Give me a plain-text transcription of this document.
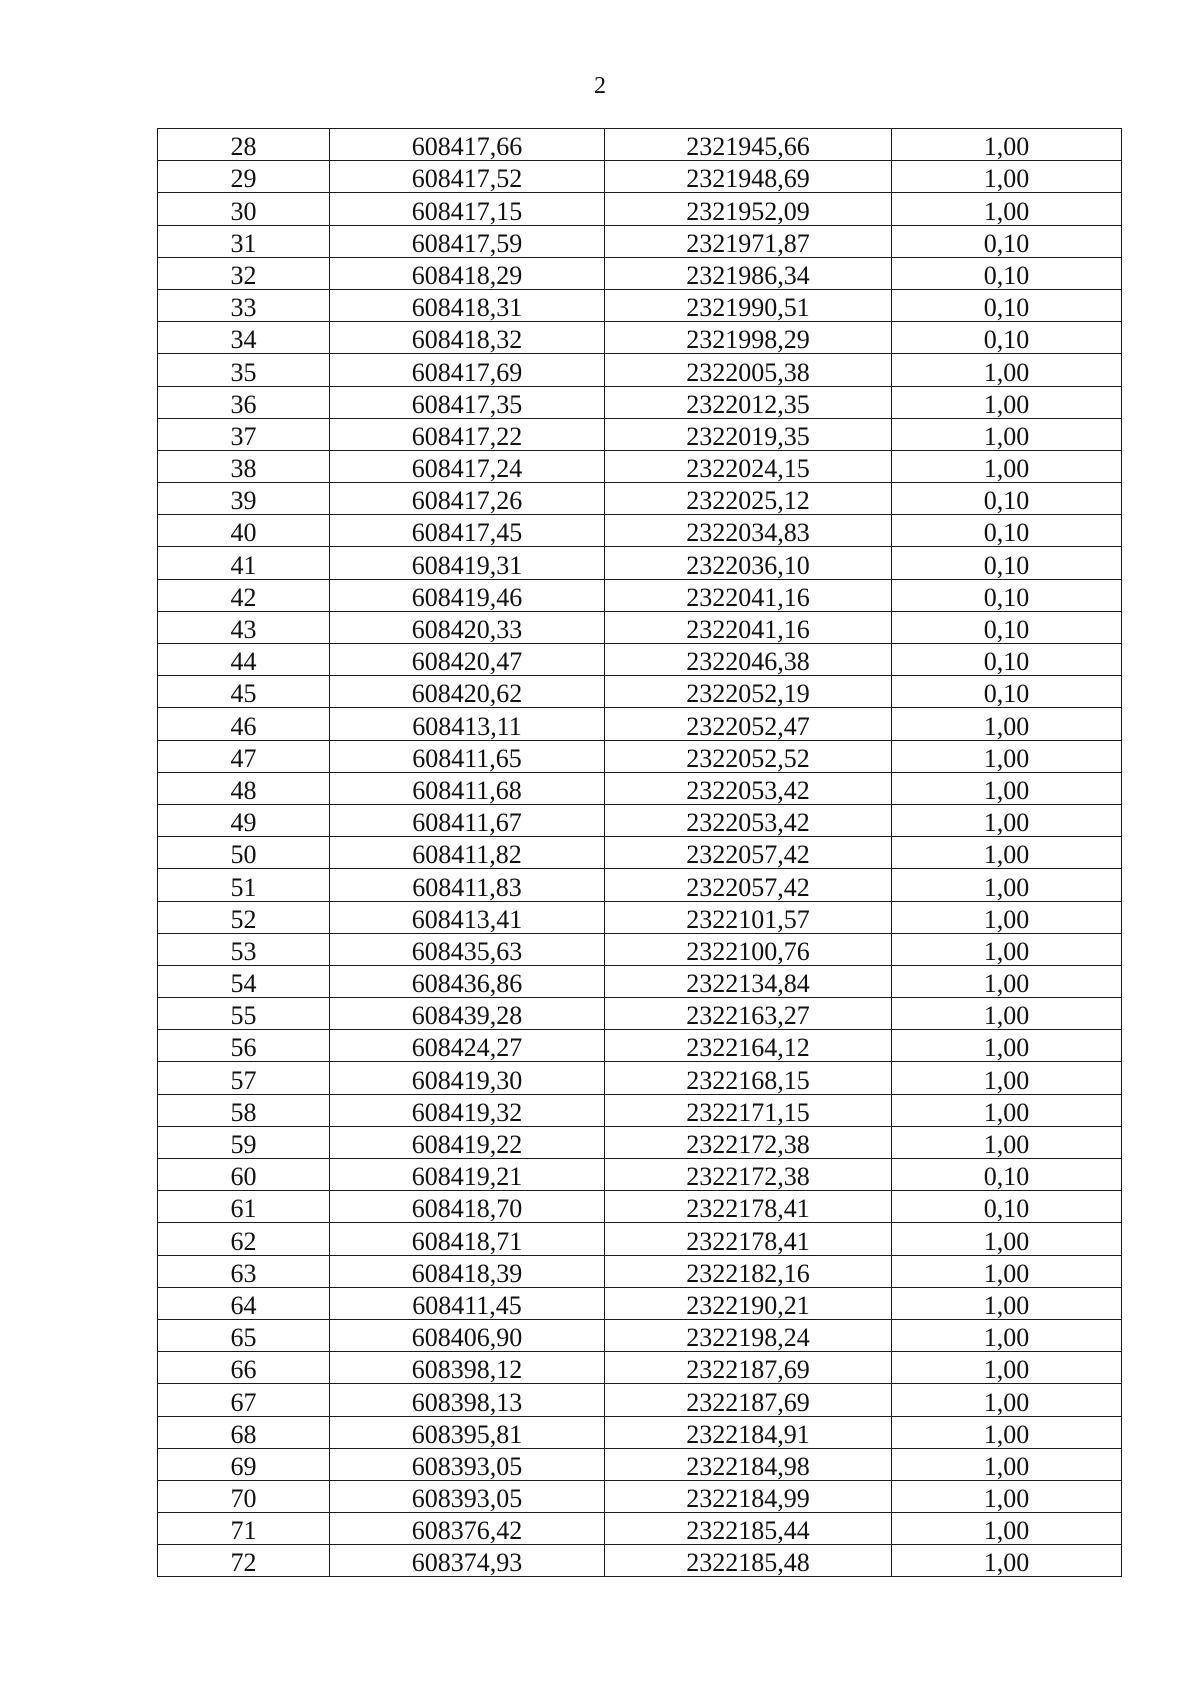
2
28	608417,66	2321945,66	1,00
29	608417,52	2321948,69	1,00
30	608417,15	2321952,09	1,00
31	608417,59	2321971,87	0,10
32	608418,29	2321986,34	0,10
33	608418,31	2321990,51	0,10
34	608418,32	2321998,29	0,10
35	608417,69	2322005,38	1,00
36	608417,35	2322012,35	1,00
37	608417,22	2322019,35	1,00
38	608417,24	2322024,15	1,00
39	608417,26	2322025,12	0,10
40	608417,45	2322034,83	0,10
41	608419,31	2322036,10	0,10
42	608419,46	2322041,16	0,10
43	608420,33	2322041,16	0,10
44	608420,47	2322046,38	0,10
45	608420,62	2322052,19	0,10
46	608413,11	2322052,47	1,00
47	608411,65	2322052,52	1,00
48	608411,68	2322053,42	1,00
49	608411,67	2322053,42	1,00
50	608411,82	2322057,42	1,00
51	608411,83	2322057,42	1,00
52	608413,41	2322101,57	1,00
53	608435,63	2322100,76	1,00
54	608436,86	2322134,84	1,00
55	608439,28	2322163,27	1,00
56	608424,27	2322164,12	1,00
57	608419,30	2322168,15	1,00
58	608419,32	2322171,15	1,00
59	608419,22	2322172,38	1,00
60	608419,21	2322172,38	0,10
61	608418,70	2322178,41	0,10
62	608418,71	2322178,41	1,00
63	608418,39	2322182,16	1,00
64	608411,45	2322190,21	1,00
65	608406,90	2322198,24	1,00
66	608398,12	2322187,69	1,00
67	608398,13	2322187,69	1,00
68	608395,81	2322184,91	1,00
69	608393,05	2322184,98	1,00
70	608393,05	2322184,99	1,00
71	608376,42	2322185,44	1,00
72	608374,93	2322185,48	1,00
